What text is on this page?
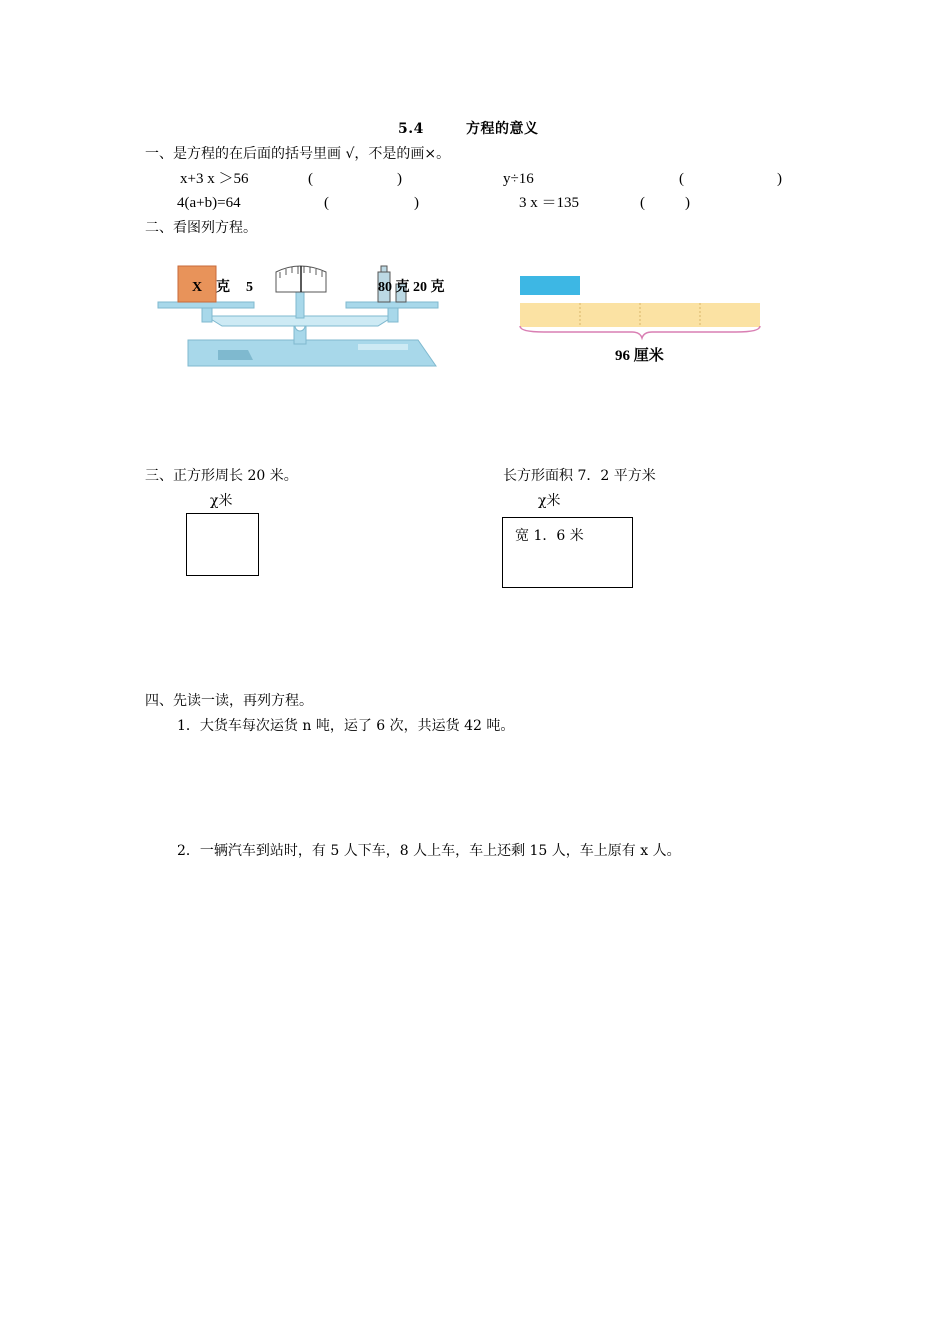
5.4	方程的意义
一、是方程的在后面的括号里画 √，不是的画×。
x+3 x ＞56	(	)	y÷16	(	)
4(a+b)=64	(	)	3 x ＝135	(	)
二、看图列方程。
X 克 5	80 克 20 克
96 厘米
三、正方形周长 20 米。
χ米
长方形面积 7．2 平方米
χ米
宽 1．6 米
四、先读一读，再列方程。
1．大货车每次运货 n 吨，运了 6 次，共运货 42 吨。
2．一辆汽车到站时，有 5 人下车，8 人上车，车上还剩 15 人，车上原有 x 人。
